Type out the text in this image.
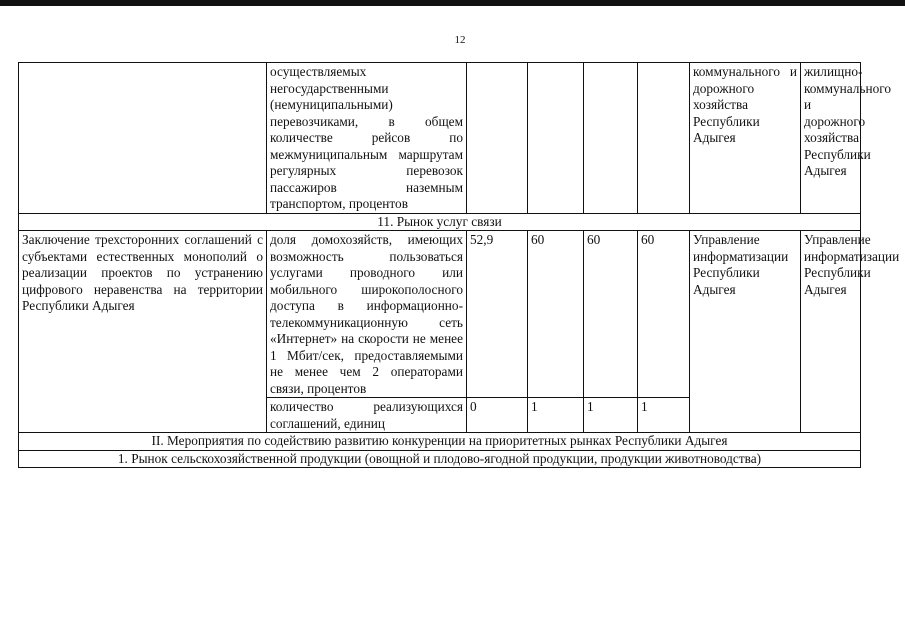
12
	осуществляемых негосударственными (немуниципальными) перевозчиками, в общем количестве рейсов по межмуниципальным маршрутам регулярных перевозок пассажиров наземным транспортом, процентов					коммунального и дорожного хозяйства Республики Адыгея	жилищно-коммунального и дорожного хозяйства Республики Адыгея
11. Рынок услуг связи							
Заключение трехсторонних соглашений с субъектами естественных монополий о реализации проектов по устранению цифрового неравенства на территории Республики Адыгея	доля домохозяйств, имеющих возможность пользоваться услугами проводного или мобильного широкополосного доступа в информационно-телекоммуникационную сеть «Интернет» на скорости не менее 1 Мбит/сек, предоставляемыми не менее чем 2 операторами связи, процентов	52,9	60	60	60	Управление информатизации Республики Адыгея	Управление информатизации Республики Адыгея
	количество реализующихся соглашений, единиц	0	1	1	1		
II. Мероприятия по содействию развитию конкуренции на приоритетных рынках Республики Адыгея							
1. Рынок сельскохозяйственной продукции (овощной и плодово-ягодной продукции, продукции животноводства)							
